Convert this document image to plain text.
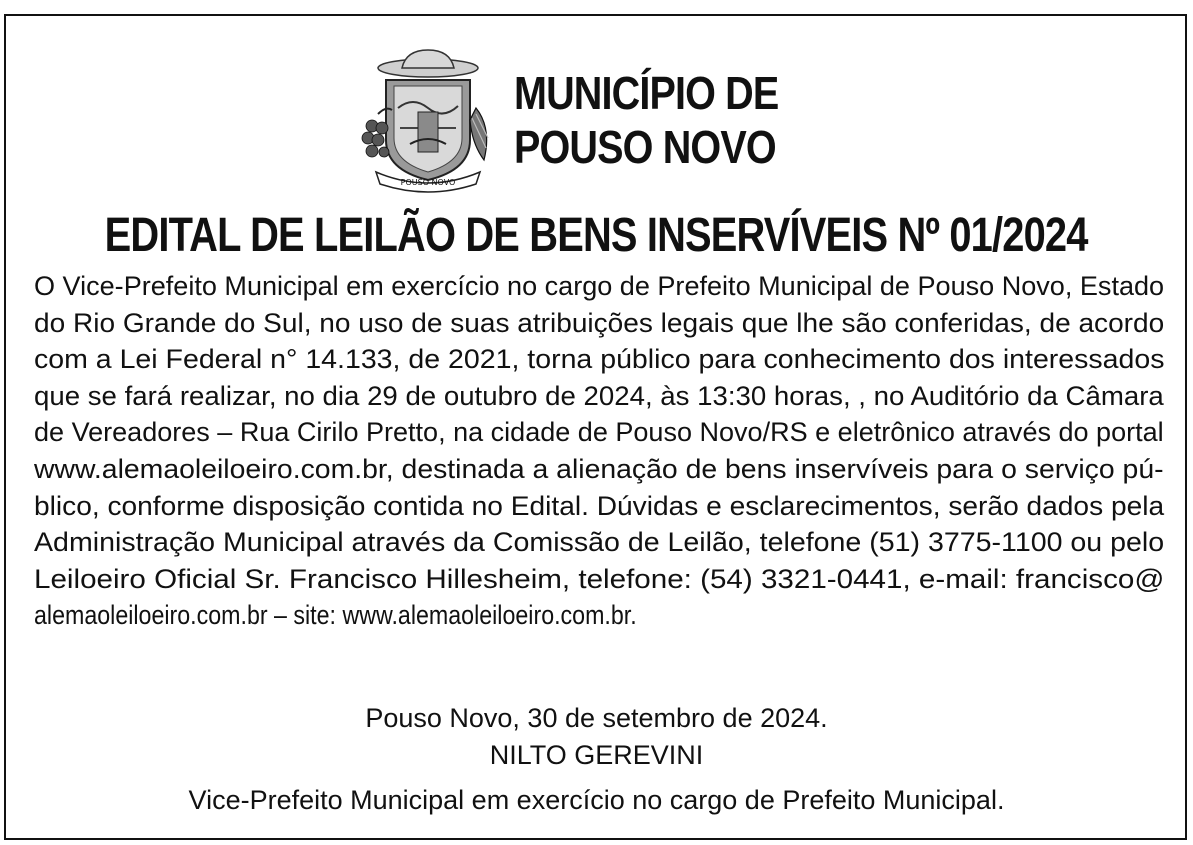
POUSO NOVO
MUNICÍPIO DE
POUSO NOVO
EDITAL DE LEILÃO DE BENS INSERVÍVEIS Nº 01/2024
O Vice-Prefeito Municipal em exercício no cargo de Prefeito Municipal de Pouso Novo, Estado
do Rio Grande do Sul, no uso de suas atribuições legais que lhe são conferidas, de acordo
com a Lei Federal n° 14.133, de 2021, torna público para conhecimento dos interessados
que se fará realizar, no dia 29 de outubro de 2024, às 13:30 horas, , no Auditório da Câmara
de Vereadores – Rua Cirilo Pretto, na cidade de Pouso Novo/RS e eletrônico através do portal
www.alemaoleiloeiro.com.br, destinada a alienação de bens inservíveis para o serviço pú-
blico, conforme disposição contida no Edital. Dúvidas e esclarecimentos, serão dados pela
Administração Municipal através da Comissão de Leilão, telefone (51) 3775-1100 ou pelo
Leiloeiro Oficial Sr. Francisco Hillesheim, telefone: (54) 3321-0441, e-mail: francisco@
alemaoleiloeiro.com.br – site: www.alemaoleiloeiro.com.br.
Pouso Novo, 30 de setembro de 2024.
NILTO GEREVINI
Vice-Prefeito Municipal em exercício no cargo de Prefeito Municipal.
